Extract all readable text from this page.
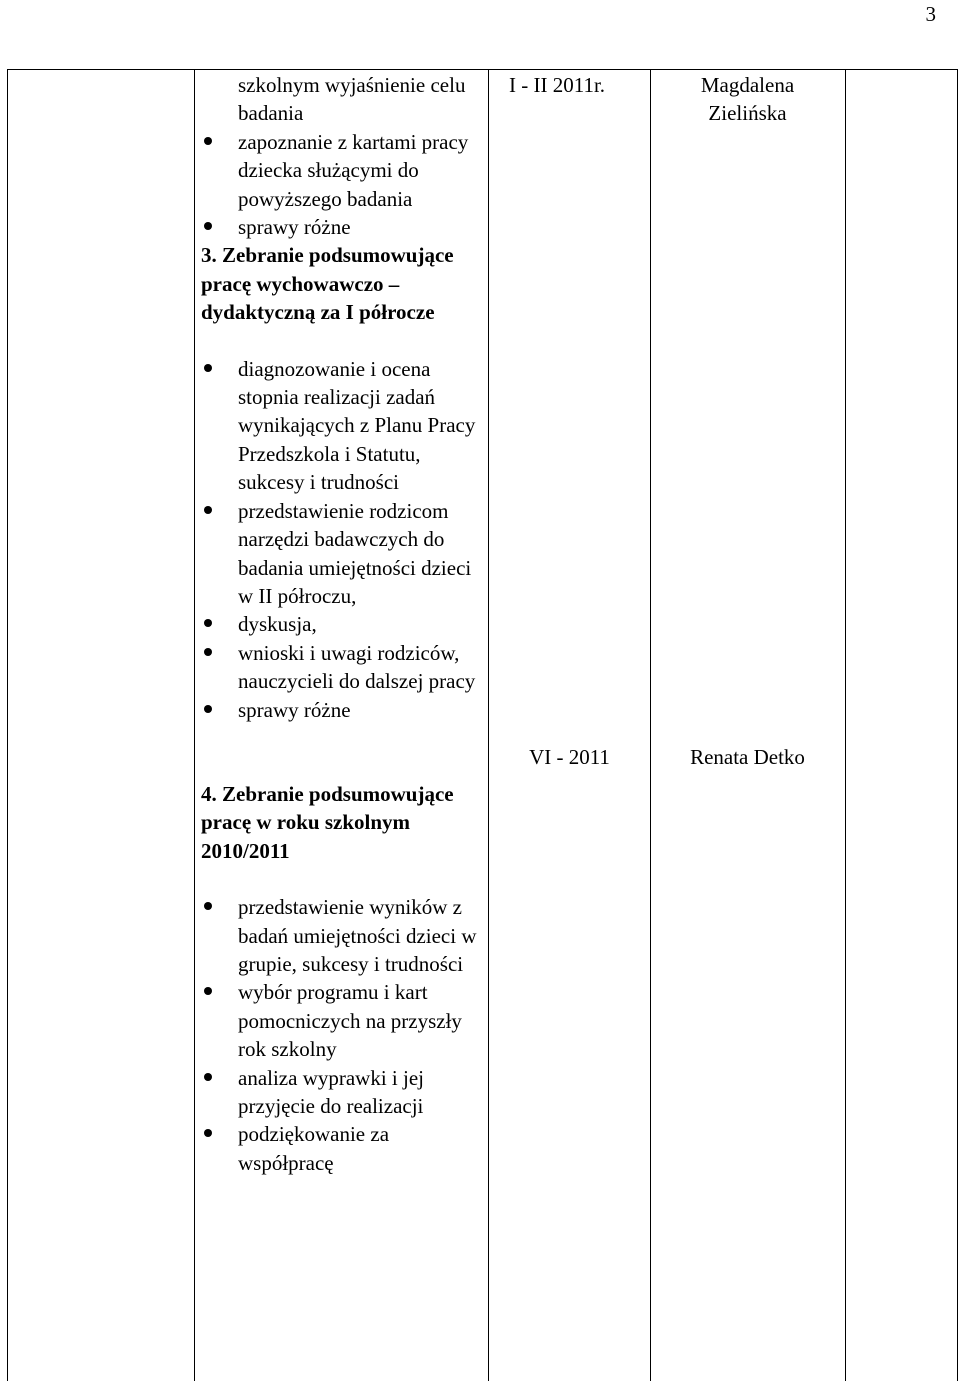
3
szkolnym wyjaśnienie celu badania
zapoznanie z kartami pracy dziecka służącymi do powyższego badania
sprawy różne
3. Zebranie podsumowujące pracę wychowawczo – dydaktyczną za I półrocze
diagnozowanie i ocena stopnia realizacji zadań wynikających z Planu Pracy Przedszkola i Statutu, sukcesy i trudności
przedstawienie rodzicom narzędzi badawczych do badania umiejętności dzieci w II półroczu,
dyskusja,
wnioski i uwagi rodziców, nauczycieli do dalszej pracy
sprawy różne
4. Zebranie podsumowujące pracę w roku szkolnym 2010/2011
przedstawienie wyników z badań umiejętności dzieci w grupie, sukcesy i trudności
wybór programu i kart pomocniczych na przyszły rok szkolny
analiza wyprawki i jej przyjęcie do realizacji
podziękowanie za współpracę
I - II 2011r.
VI - 2011
Magdalena Zielińska
Renata Detko
